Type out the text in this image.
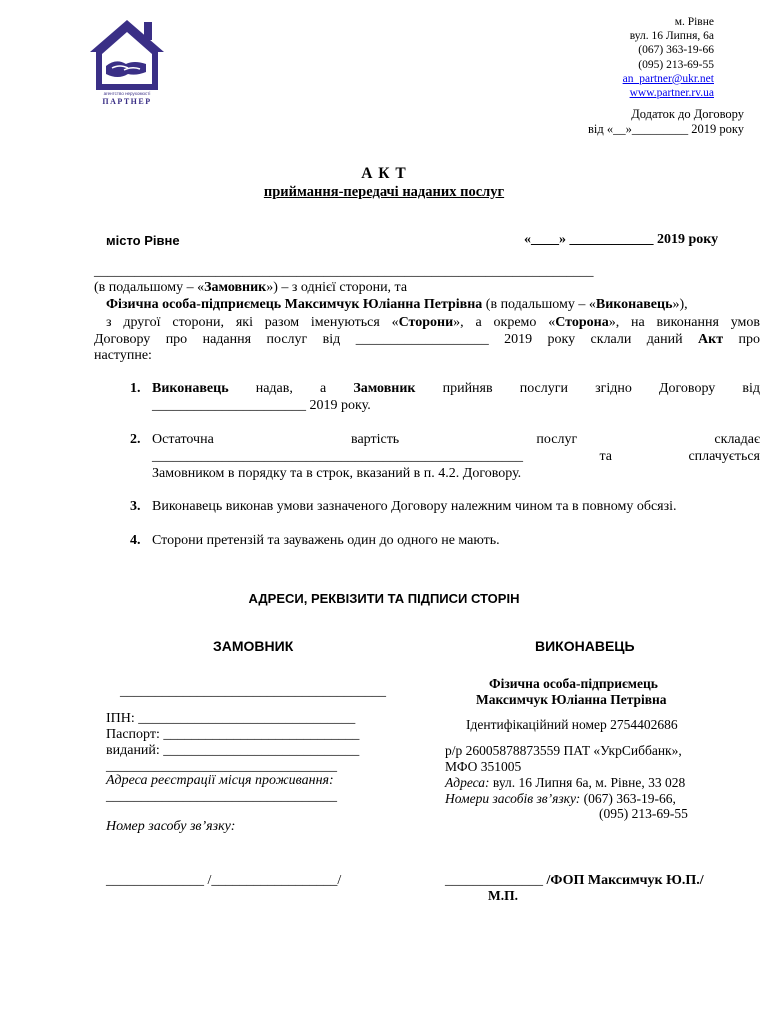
агентство нерухомості
ПАРТНЕР
м. Рівне
вул. 16 Липня, 6а
(067) 363-19-66
(095) 213-69-55
an_partner@ukr.net
www.partner.rv.ua
Додаток до Договору
від «__»_________ 2019 року
А К Т
приймання-передачі наданих послуг
місто Рівне	«____» ____________ 2019 року
__________________________________________________________________________
(в подальшому – «Замовник») – з однієї сторони, та
Фізична особа-підприємець Максимчук Юліанна Петрівна (в подальшому – «Виконавець»),
з другої сторони, які разом іменуються «Сторони», а окремо «Сторона», на виконання умов
Договору про надання послуг від ___________________ 2019 року склали даний Акт про
наступне:
1. Виконавець надав, а Замовник прийняв послуги згідно Договору від
______________________ 2019 року.
2. Остаточна вартість послуг складає
_____________________________________________________ та сплачується
Замовником в порядку та в строк, вказаний в п. 4.2. Договору.
3. Виконавець виконав умови зазначеного Договору належним чином та в повному обсязі.
4. Сторони претензій та зауважень один до одного не мають.
АДРЕСИ, РЕКВІЗИТИ ТА ПІДПИСИ СТОРІН
ЗАМОВНИК
______________________________________
ІПН: _______________________________
Паспорт: ____________________________
виданий: ____________________________
_________________________________
Адреса реєстрації місця проживання:
_________________________________
Номер засобу зв’язку:
______________ /__________________/
ВИКОНАВЕЦЬ
Фізична особа-підприємець
Максимчук Юліанна Петрівна
Ідентифікаційний номер 2754402686
р/р 26005878873559 ПАТ «УкрСиббанк»,
МФО 351005
Адреса: вул. 16 Липня 6а, м. Рівне, 33 028
Номери засобів зв’язку: (067) 363-19-66,
(095) 213-69-55
______________ /ФОП Максимчук Ю.П./
М.П.
